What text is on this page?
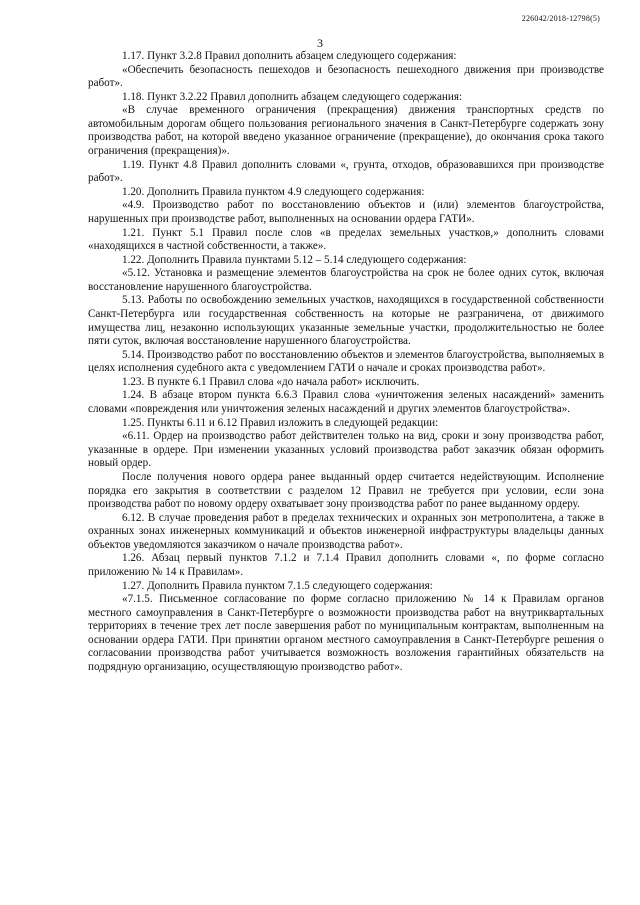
226042/2018-12798(5)
3

1.17. Пункт 3.2.8 Правил дополнить абзацем следующего содержания:

«Обеспечить безопасность пешеходов и безопасность пешеходного движения при производстве работ».

1.18. Пункт 3.2.22 Правил дополнить абзацем следующего содержания:

«В случае временного ограничения (прекращения) движения транспортных средств по автомобильным дорогам общего пользования регионального значения в Санкт-Петербурге содержать зону производства работ, на которой введено указанное ограничение (прекращение), до окончания срока такого ограничения (прекращения)».

1.19. Пункт 4.8 Правил дополнить словами «, грунта, отходов, образовавшихся при производстве работ».

1.20. Дополнить Правила пунктом 4.9 следующего содержания:

«4.9. Производство работ по восстановлению объектов и (или) элементов благоустройства, нарушенных при производстве работ, выполненных на основании ордера ГАТИ».

1.21. Пункт 5.1 Правил после слов «в пределах земельных участков,» дополнить словами «находящихся в частной собственности, а также».

1.22. Дополнить Правила пунктами 5.12 – 5.14 следующего содержания:

«5.12. Установка и размещение элементов благоустройства на срок не более одних суток, включая восстановление нарушенного благоустройства.

5.13. Работы по освобождению земельных участков, находящихся в государственной собственности Санкт-Петербурга или государственная собственность на которые не разграничена, от движимого имущества лиц, незаконно использующих указанные земельные участки, продолжительностью не более пяти суток, включая восстановление нарушенного благоустройства.

5.14. Производство работ по восстановлению объектов и элементов благоустройства, выполняемых в целях исполнения судебного акта с уведомлением ГАТИ о начале и сроках производства работ».

1.23. В пункте 6.1 Правил слова «до начала работ» исключить.

1.24. В абзаце втором пункта 6.6.3 Правил слова «уничтожения зеленых насаждений» заменить словами «повреждения или уничтожения зеленых насаждений и других элементов благоустройства».

1.25. Пункты 6.11 и 6.12 Правил изложить в следующей редакции:

«6.11. Ордер на производство работ действителен только на вид, сроки и зону производства работ, указанные в ордере. При изменении указанных условий производства работ заказчик обязан оформить новый ордер.

После получения нового ордера ранее выданный ордер считается недействующим. Исполнение порядка его закрытия в соответствии с разделом 12 Правил не требуется при условии, если зона производства работ по новому ордеру охватывает зону производства работ по ранее выданному ордеру.

6.12. В случае проведения работ в пределах технических и охранных зон метрополитена, а также в охранных зонах инженерных коммуникаций и объектов инженерной инфраструктуры владельцы данных объектов уведомляются заказчиком о начале производства работ».

1.26. Абзац первый пунктов 7.1.2 и 7.1.4 Правил дополнить словами «, по форме согласно приложению № 14 к Правилам».

1.27. Дополнить Правила пунктом 7.1.5 следующего содержания:

«7.1.5. Письменное согласование по форме согласно приложению № 14 к Правилам органов местного самоуправления в Санкт-Петербурге о возможности производства работ на внутриквартальных территориях в течение трех лет после завершения работ по муниципальным контрактам, выполненным на основании ордера ГАТИ. При принятии органом местного самоуправления в Санкт-Петербурге решения о согласовании производства работ учитывается возможность возложения гарантийных обязательств на подрядную организацию, осуществляющую производство работ».
